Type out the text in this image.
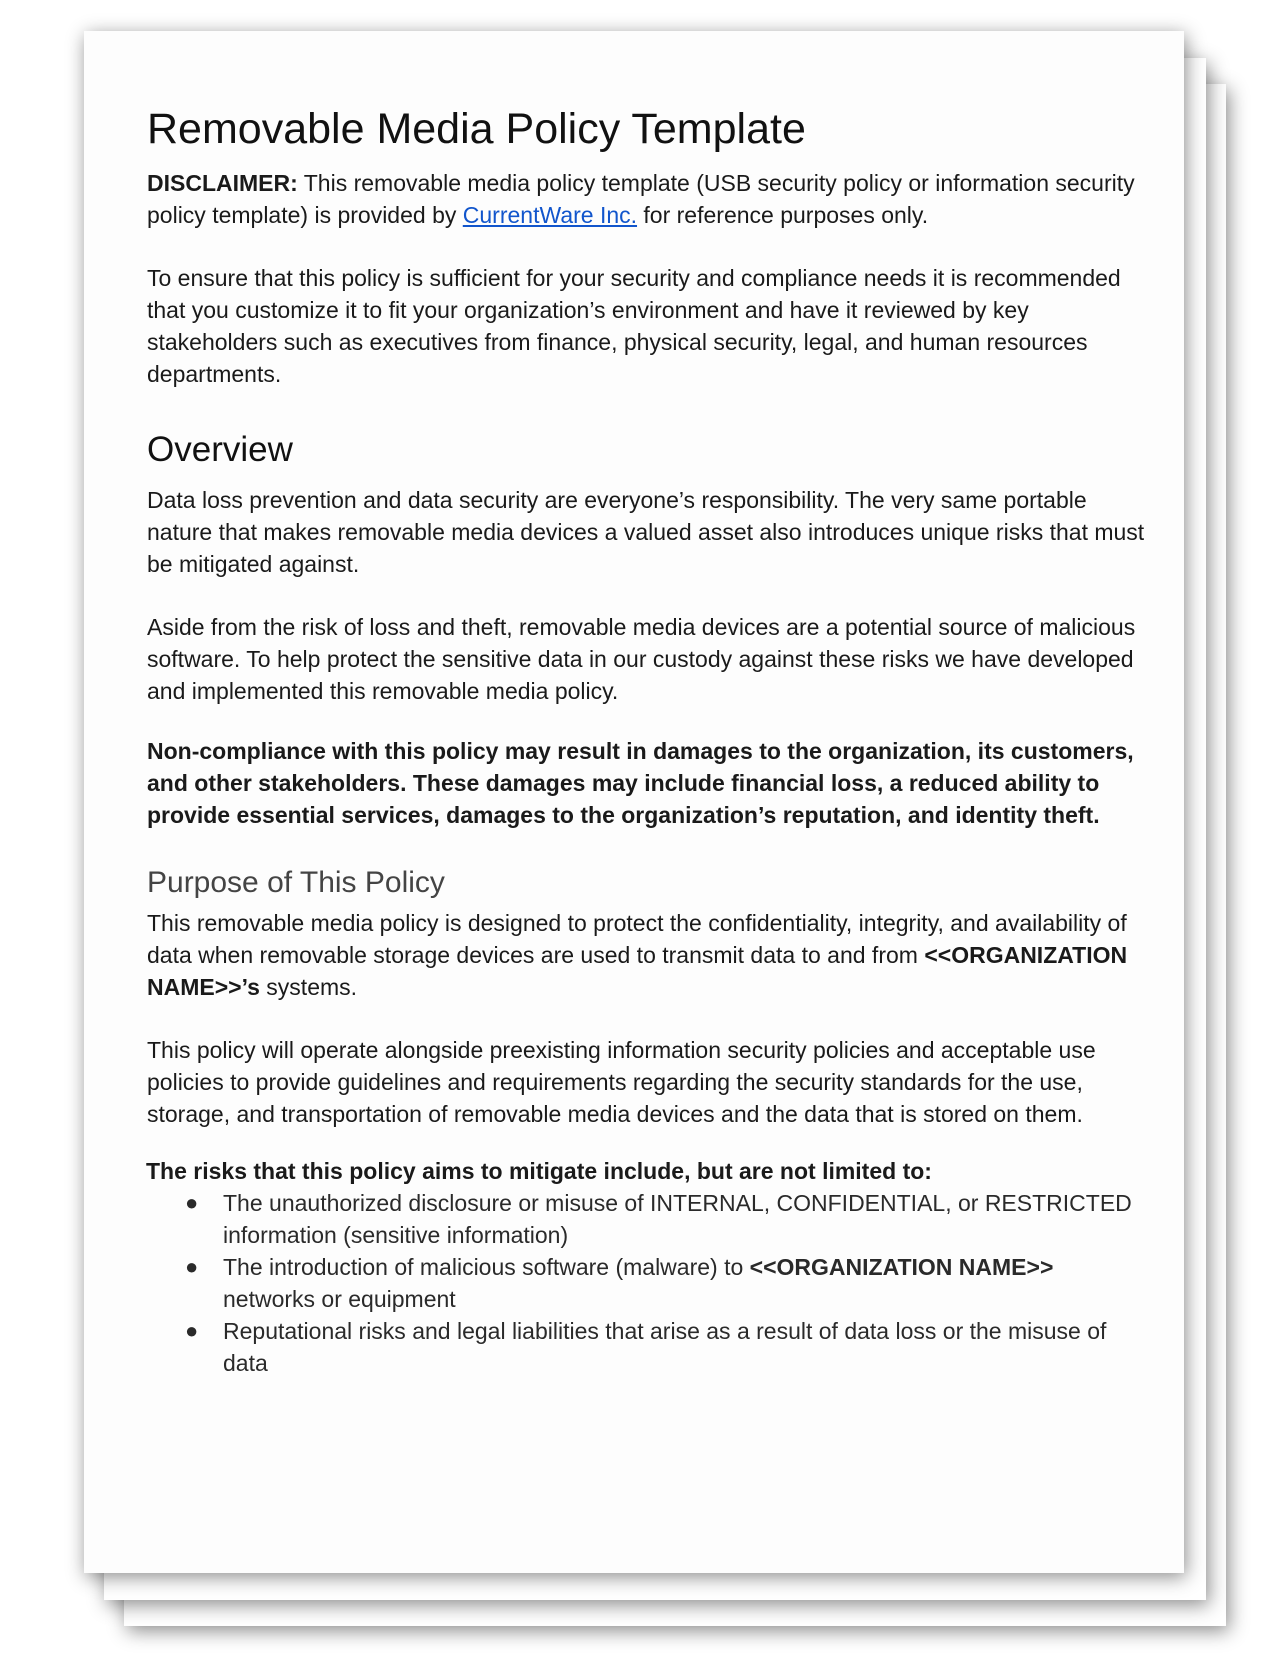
Removable Media Policy Template

DISCLAIMER: This removable media policy template (USB security policy or information security policy template) is provided by CurrentWare Inc. for reference purposes only.

To ensure that this policy is sufficient for your security and compliance needs it is recommended that you customize it to fit your organization’s environment and have it reviewed by key stakeholders such as executives from finance, physical security, legal, and human resources departments.

Overview

Data loss prevention and data security are everyone’s responsibility. The very same portable nature that makes removable media devices a valued asset also introduces unique risks that must be mitigated against.

Aside from the risk of loss and theft, removable media devices are a potential source of malicious software. To help protect the sensitive data in our custody against these risks we have developed and implemented this removable media policy.

Non-compliance with this policy may result in damages to the organization, its customers, and other stakeholders. These damages may include financial loss, a reduced ability to provide essential services, damages to the organization’s reputation, and identity theft.

Purpose of This Policy

This removable media policy is designed to protect the confidentiality, integrity, and availability of data when removable storage devices are used to transmit data to and from <<ORGANIZATION NAME>>’s systems.

This policy will operate alongside preexisting information security policies and acceptable use policies to provide guidelines and requirements regarding the security standards for the use, storage, and transportation of removable media devices and the data that is stored on them.

The risks that this policy aims to mitigate include, but are not limited to:
● The unauthorized disclosure or misuse of INTERNAL, CONFIDENTIAL, or RESTRICTED information (sensitive information)
● The introduction of malicious software (malware) to <<ORGANIZATION NAME>> networks or equipment
● Reputational risks and legal liabilities that arise as a result of data loss or the misuse of data
